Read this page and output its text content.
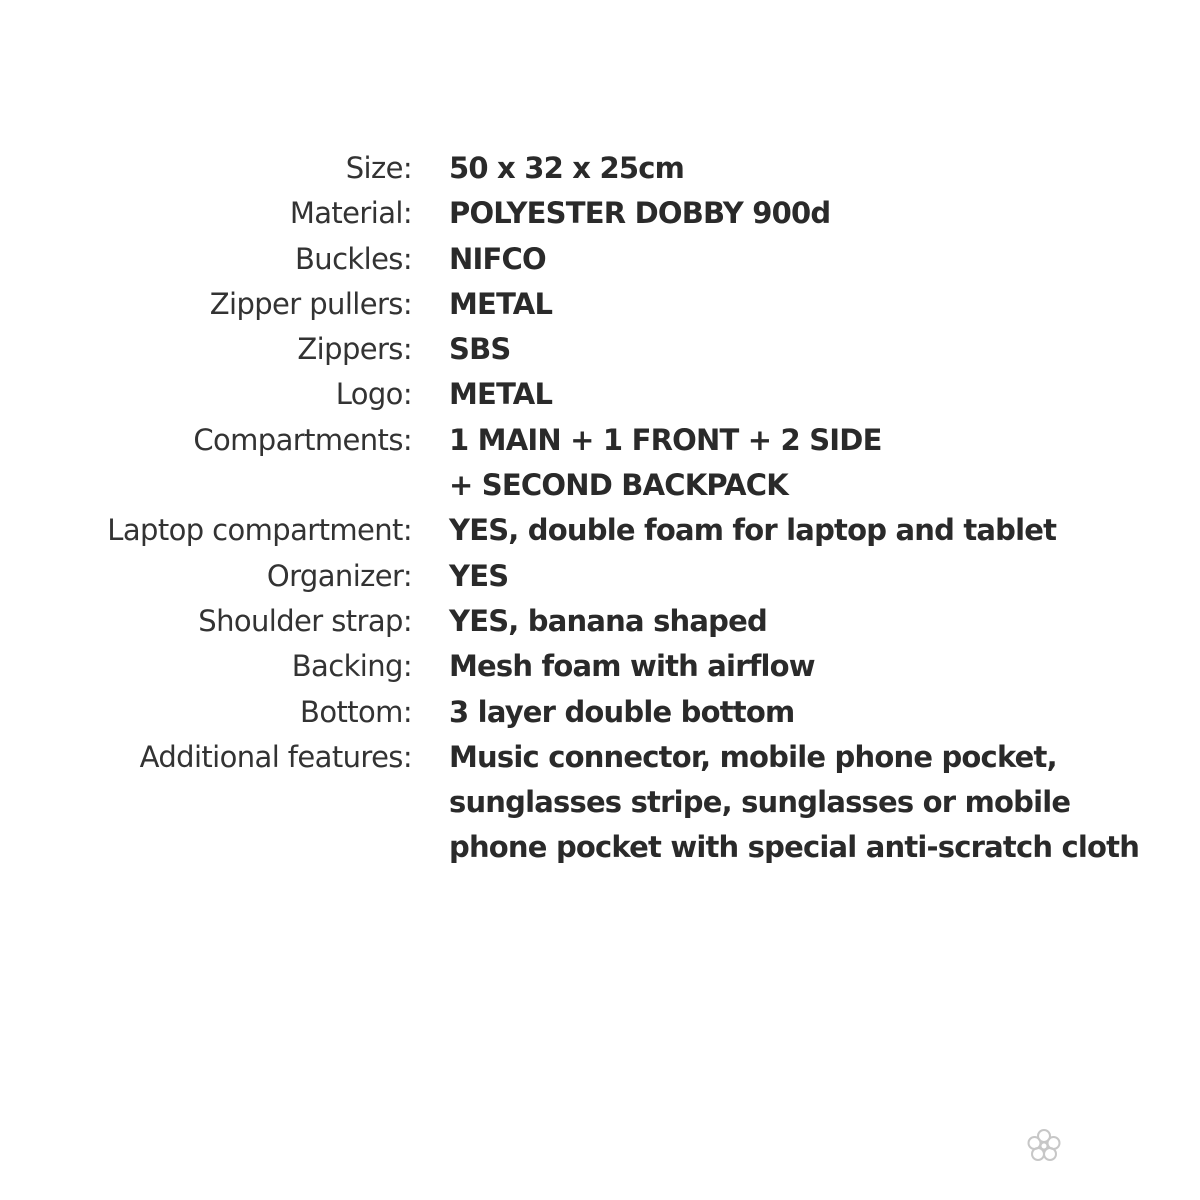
Size: 50 x 32 x 25cm
Material: POLYESTER DOBBY 900d
Buckles: NIFCO
Zipper pullers: METAL
Zippers: SBS
Logo: METAL
Compartments: 1 MAIN + 1 FRONT + 2 SIDE
+ SECOND BACKPACK
Laptop compartment: YES, double foam for laptop and tablet
Organizer: YES
Shoulder strap: YES, banana shaped
Backing: Mesh foam with airflow
Bottom: 3 layer double bottom
Additional features: Music connector, mobile phone pocket,
sunglasses stripe, sunglasses or mobile
phone pocket with special anti-scratch cloth
